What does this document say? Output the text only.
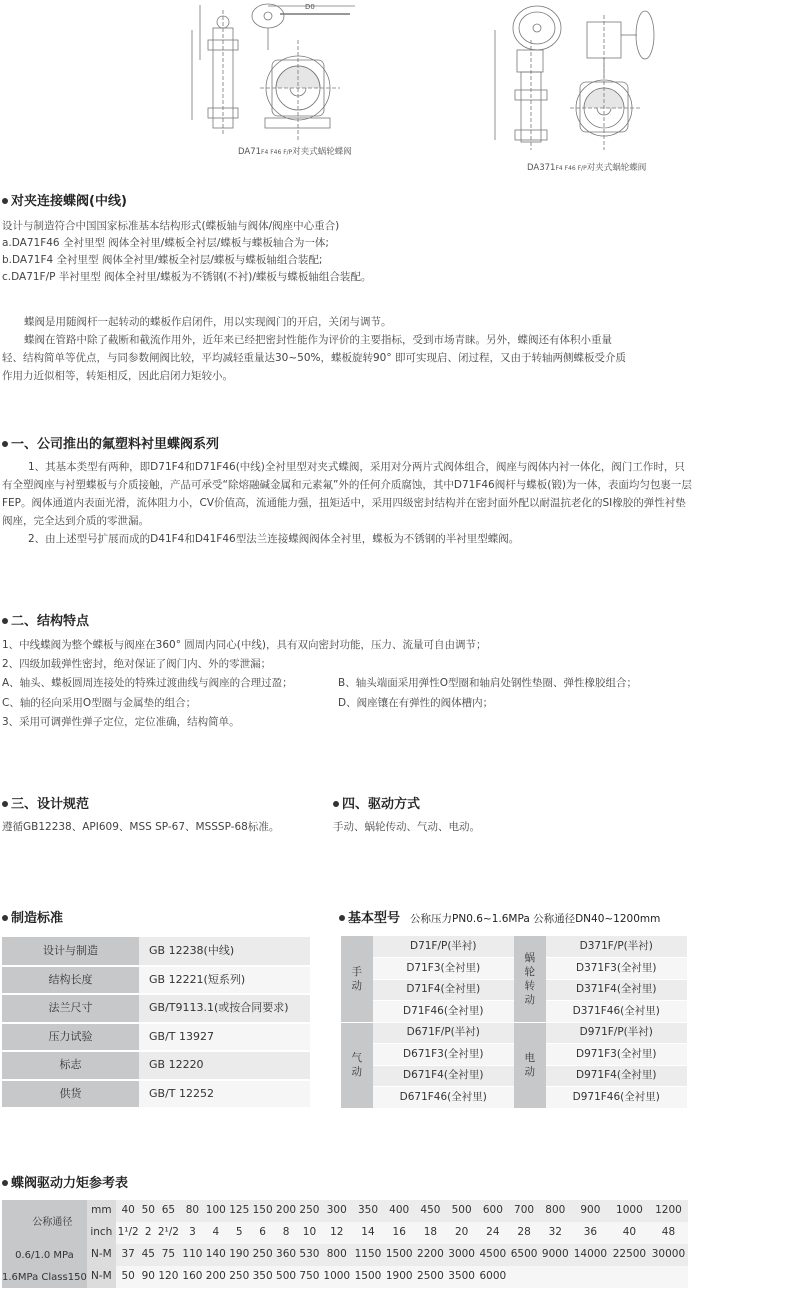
D0
DA71F4 F46 F/P对夹式蜗轮蝶阀
DA371F4 F46 F/P对夹式蜗轮蝶阀
对夹连接蝶阀(中线)
设计与制造符合中国国家标准基本结构形式(蝶板轴与阀体/阀座中心重合)
a.DA71F46 全衬里型 阀体全衬里/蝶板全衬层/蝶板与蝶板轴合为一体;
b.DA71F4 全衬里型 阀体全衬里/蝶板全衬层/蝶板与蝶板轴组合装配;
c.DA71F/P 半衬里型 阀体全衬里/蝶板为不锈钢(不衬)/蝶板与蝶板轴组合装配。
蝶阀是用随阀杆一起转动的蝶板作启闭件，用以实现阀门的开启，关闭与调节。
蝶阀在管路中除了截断和截流作用外，近年来已经把密封性能作为评价的主要指标，受到市场青睐。另外，蝶阀还有体积小重量轻、结构简单等优点，与同参数闸阀比较，平均减轻重量达30~50%，蝶板旋转90° 即可实现启、闭过程，又由于转轴两侧蝶板受介质作用力近似相等，转矩相反，因此启闭力矩较小。
一、公司推出的氟塑料衬里蝶阀系列
1、其基本类型有两种，即D71F4和D71F46(中线)全衬里型对夹式蝶阀，采用对分两片式阀体组合，阀座与阀体内衬一体化，阀门工作时，只有全塑阀座与衬塑蝶板与介质接触，产品可承受“除熔融碱金属和元素氟”外的任何介质腐蚀，其中D71F46阀杆与蝶板(锻)为一体，表面均匀包裹一层FEP。阀体通道内表面光滑，流体阻力小，CV价值高，流通能力强，扭矩适中，采用四级密封结构并在密封面外配以耐温抗老化的SI橡胶的弹性衬垫阀座，完全达到介质的零泄漏。
2、由上述型号扩展而成的D41F4和D41F46型法兰连接蝶阀阀体全衬里，蝶板为不锈钢的半衬里型蝶阀。
二、结构特点
1、中线蝶阀为整个蝶板与阀座在360° 圆周内同心(中线)，具有双向密封功能，压力、流量可自由调节；
2、四级加载弹性密封，绝对保证了阀门内、外的零泄漏；
A、轴头、蝶板圆周连接处的特殊过渡曲线与阀座的合理过盈；	B、轴头端面采用弹性O型圈和轴肩处钢性垫圈、弹性橡胶组合；
C、轴的径向采用O型圈与金属垫的组合；	D、阀座镶在有弹性的阀体槽内；
3、采用可调弹性弹子定位，定位准确，结构简单。
三、设计规范
遵循GB12238、API609、MSS SP-67、MSSSP-68标准。
四、驱动方式
手动、蜗轮传动、气动、电动。
制造标准
设计与制造	GB 12238(中线)
结构长度	GB 12221(短系列)
法兰尺寸	GB/T9113.1(或按合同要求)
压力试验	GB/T 13927
标志	GB 12220
供货	GB/T 12252
基本型号 公称压力PN0.6~1.6MPa 公称通径DN40~1200mm
手动	D71F/P(半衬)	蜗轮转动	D371F/P(半衬)
	D71F3(全衬里)		D371F3(全衬里)
	D71F4(全衬里)		D371F4(全衬里)
	D71F46(全衬里)		D371F46(全衬里)
气动	D671F/P(半衬)	电动	D971F/P(半衬)
	D671F3(全衬里)		D971F3(全衬里)
	D671F4(全衬里)		D971F4(全衬里)
	D671F46(全衬里)		D971F46(全衬里)
蝶阀驱动力矩参考表
公称通径	mm	40	50	65	80	100	125	150	200	250	300	350	400	450	500	600	700	800	900	1000	1200
	inch	1¹/2	2	2¹/2	3	4	5	6	8	10	12	14	16	18	20	24	28	32	36	40	48
0.6/1.0 MPa	N-M	37	45	75	110	140	190	250	360	530	800	1150	1500	2200	3000	4500	6500	9000	14000	22500	30000
1.6MPa Class150	N-M	50	90	120	160	200	250	350	500	750	1000	1500	1900	2500	3500	6000					
